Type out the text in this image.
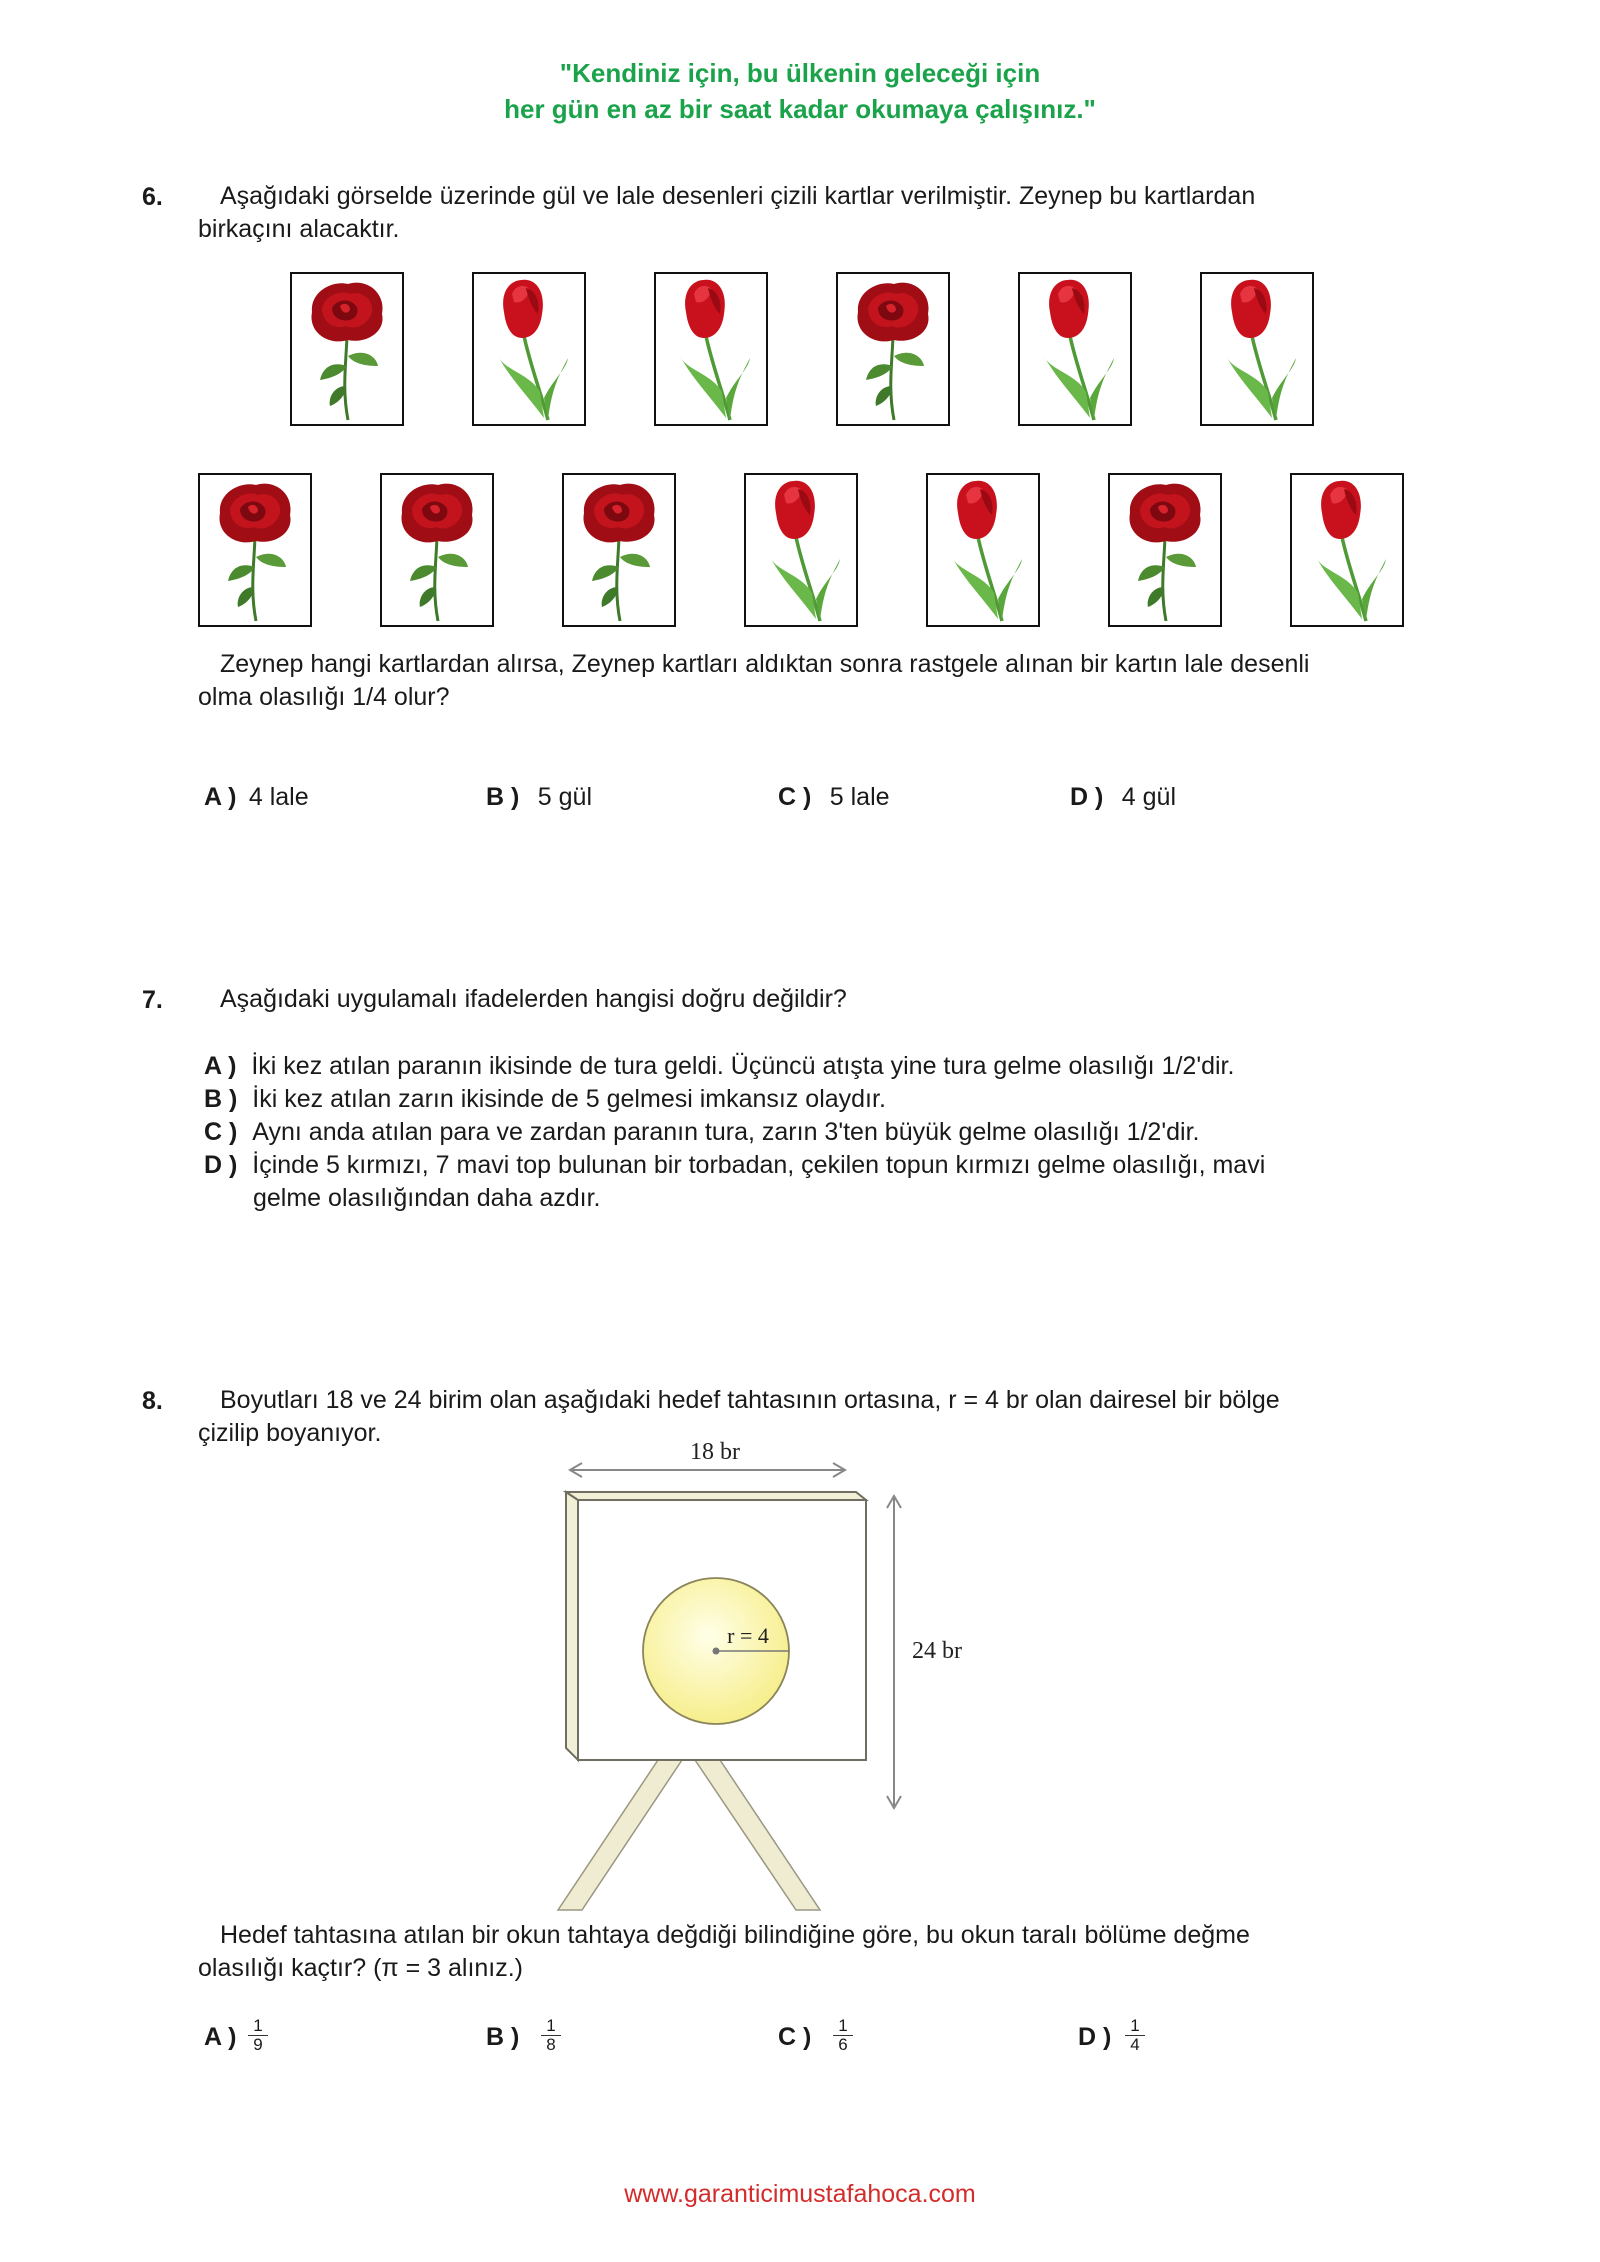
"Kendiniz için, bu ülkenin geleceği için
her gün en az bir saat kadar okumaya çalışınız."
6.	Aşağıdaki görselde üzerinde gül ve lale desenleri çizili kartlar verilmiştir. Zeynep bu kartlardan
birkaçını alacaktır.
Zeynep hangi kartlardan alırsa, Zeynep kartları aldıktan sonra rastgele alınan bir kartın lale desenli
olma olasılığı 1/4 olur?
A ) 4 lale	B ) 5 gül	C ) 5 lale	D ) 4 gül
7.	Aşağıdaki uygulamalı ifadelerden hangisi doğru değildir?
A ) İki kez atılan paranın ikisinde de tura geldi. Üçüncü atışta yine tura gelme olasılığı 1/2'dir.
B ) İki kez atılan zarın ikisinde de 5 gelmesi imkansız olaydır.
C ) Aynı anda atılan para ve zardan paranın tura, zarın 3'ten büyük gelme olasılığı 1/2'dir.
D ) İçinde 5 kırmızı, 7 mavi top bulunan bir torbadan, çekilen topun kırmızı gelme olasılığı, mavi
gelme olasılığından daha azdır.
8.	Boyutları 18 ve 24 birim olan aşağıdaki hedef tahtasının ortasına, r = 4 br olan dairesel bir bölge
çizilip boyanıyor.
18 br
r = 4
24 br
Hedef tahtasına atılan bir okun tahtaya değdiği bilindiğine göre, bu okun taralı bölüme değme
olasılığı kaçtır? (π = 3 alınız.)
A ) $\frac{1}{9}$	B ) $\frac{1}{8}$	C ) $\frac{1}{6}$	D ) $\frac{1}{4}$
www.garanticimustafahoca.com
